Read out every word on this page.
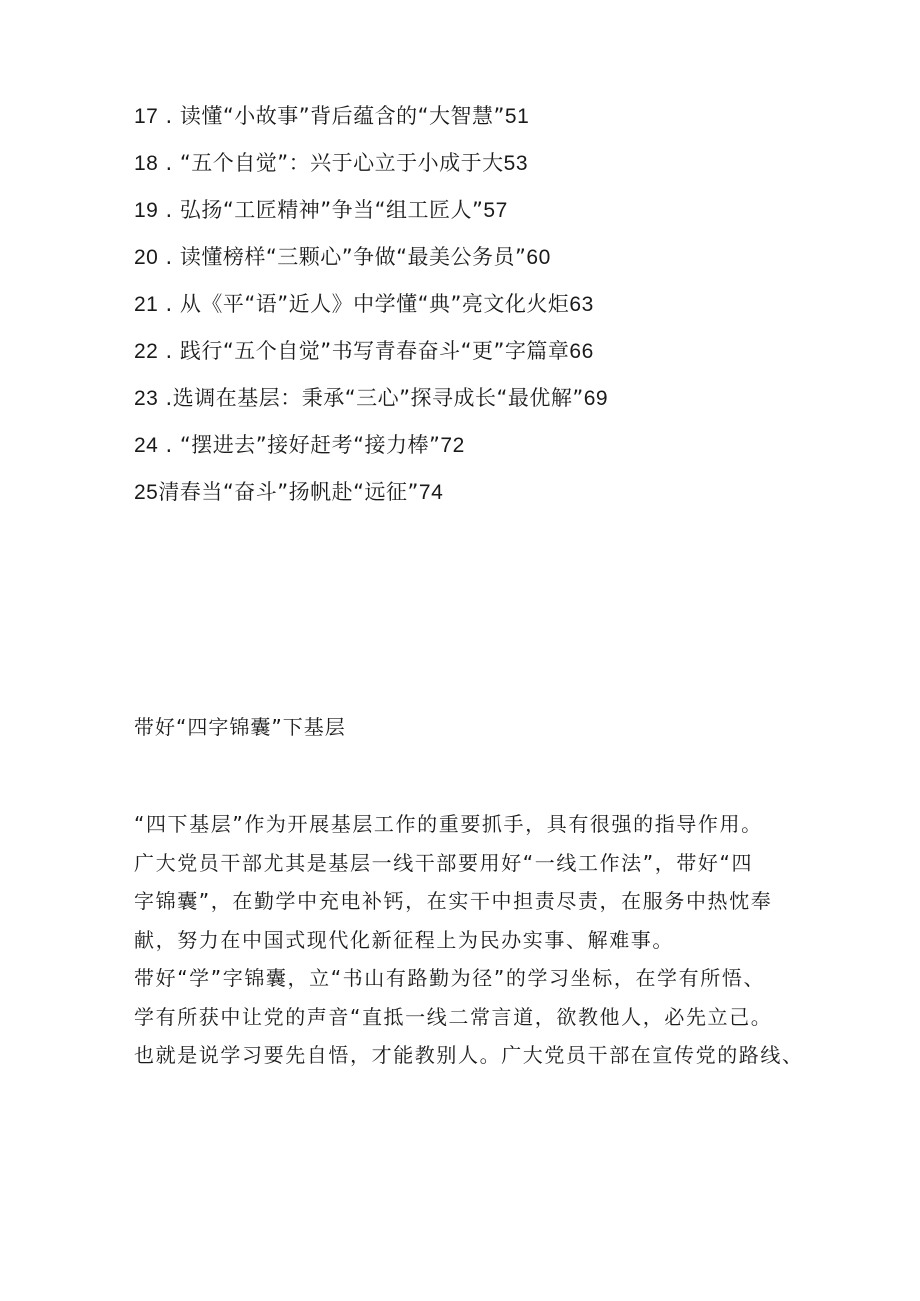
17 . 读懂“小故事”背后蕴含的“大智慧”51
18 . “五个自觉”：兴于心立于小成于大53
19 . 弘扬“工匠精神”争当“组工匠人”57
20 . 读懂榜样“三颗心”争做“最美公务员”60
21 . 从《平“语”近人》中学懂“典”亮文化火炬63
22 . 践行“五个自觉”书写青春奋斗“更”字篇章66
23 .选调在基层：秉承“三心”探寻成长“最优解”69
24 . “摆进去”接好赶考“接力棒”72
25清春当“奋斗”扬帆赴“远征”74
带好“四字锦囊”下基层

“四下基层”作为开展基层工作的重要抓手，具有很强的指导作用。
广大党员干部尤其是基层一线干部要用好“一线工作法”，带好“四
字锦囊”，在勤学中充电补钙，在实干中担责尽责，在服务中热忱奉
献，努力在中国式现代化新征程上为民办实事、解难事。

带好“学”字锦囊，立“书山有路勤为径”的学习坐标，在学有所悟、
学有所获中让党的声音“直抵一线二常言道，欲教他人，必先立己。
也就是说学习要先自悟，才能教别人。广大党员干部在宣传党的路线、
